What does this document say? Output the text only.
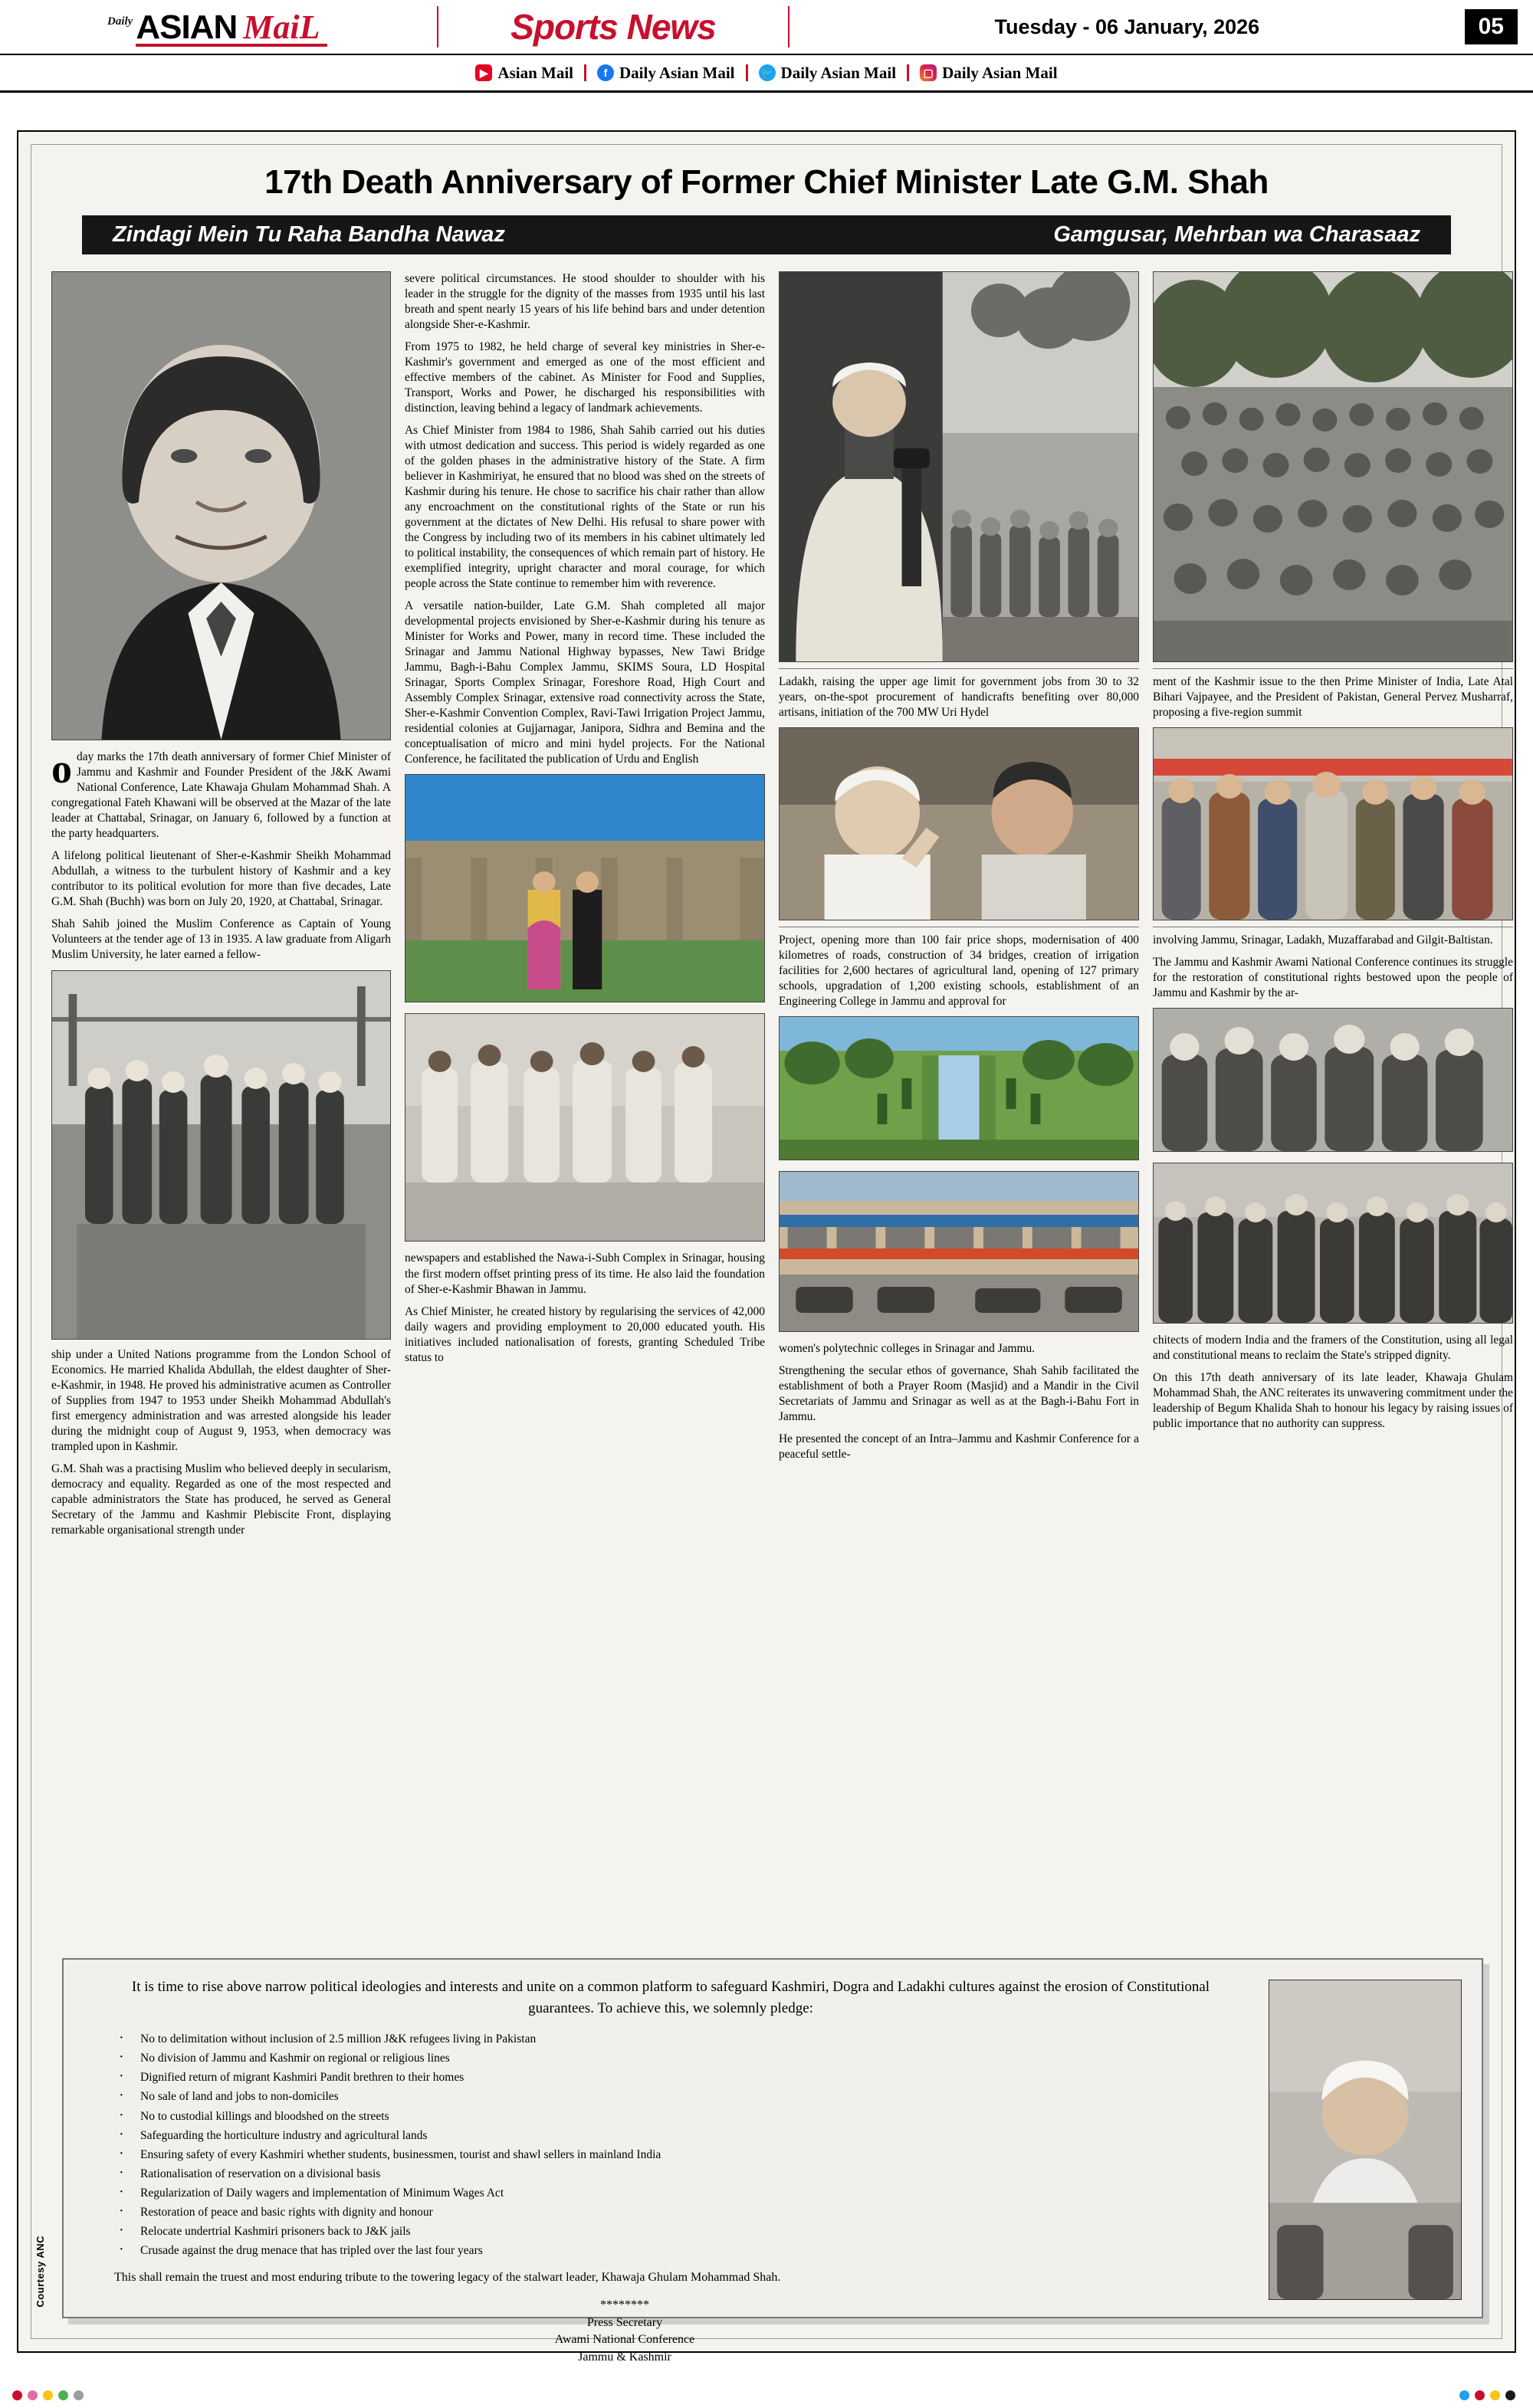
Daily ASIAN MaiL	Sports News	Tuesday - 06 January, 2026	05
▶ Asian Mail	f Daily Asian Mail 🐦 Daily Asian Mail	▢ Daily Asian Mail
17th Death Anniversary of Former Chief Minister Late G.M. Shah
Zindagi Mein Tu Raha Bandha Nawaz	Gamgusar, Mehrban wa Charasaaz

oday marks the 17th death anniversary of former Chief Minister of Jammu and Kashmir and Founder President of the J&K Awami National Conference, Late Khawaja Ghulam Mohammad Shah. A congregational Fateh Khawani will be observed at the Mazar of the late leader at Chattabal, Srinagar, on January 6, followed by a function at the party headquarters.

A lifelong political lieutenant of Sher-e-Kashmir Sheikh Mohammad Abdullah, a witness to the turbulent history of Kashmir and a key contributor to its political evolution for more than five decades, Late G.M. Shah (Buchh) was born on July 20, 1920, at Chattabal, Srinagar.

Shah Sahib joined the Muslim Conference as Captain of Young Volunteers at the tender age of 13 in 1935. A law graduate from Aligarh Muslim University, he later earned a fellow-

ship under a United Nations programme from the London School of Economics. He married Khalida Abdullah, the eldest daughter of Sher-e-Kashmir, in 1948. He proved his administrative acumen as Controller of Supplies from 1947 to 1953 under Sheikh Mohammad Abdullah's first emergency administration and was arrested alongside his leader during the midnight coup of August 9, 1953, when democracy was trampled upon in Kashmir.

G.M. Shah was a practising Muslim who believed deeply in secularism, democracy and equality. Regarded as one of the most respected and capable administrators the State has produced, he served as General Secretary of the Jammu and Kashmir Plebiscite Front, displaying remarkable organisational strength under

severe political circumstances. He stood shoulder to shoulder with his leader in the struggle for the dignity of the masses from 1935 until his last breath and spent nearly 15 years of his life behind bars and under detention alongside Sher-e-Kashmir.

From 1975 to 1982, he held charge of several key ministries in Sher-e-Kashmir's government and emerged as one of the most efficient and effective members of the cabinet. As Minister for Food and Supplies, Transport, Works and Power, he discharged his responsibilities with distinction, leaving behind a legacy of landmark achievements.

As Chief Minister from 1984 to 1986, Shah Sahib carried out his duties with utmost dedication and success. This period is widely regarded as one of the golden phases in the administrative history of the State. A firm believer in Kashmiriyat, he ensured that no blood was shed on the streets of Kashmir during his tenure. He chose to sacrifice his chair rather than allow any encroachment on the constitutional rights of the State or run his government at the dictates of New Delhi. His refusal to share power with the Congress by including two of its members in his cabinet ultimately led to political instability, the consequences of which remain part of history. He exemplified integrity, upright character and moral courage, for which people across the State continue to remember him with reverence.

A versatile nation-builder, Late G.M. Shah completed all major developmental projects envisioned by Sher-e-Kashmir during his tenure as Minister for Works and Power, many in record time. These included the Srinagar and Jammu National Highway bypasses, New Tawi Bridge Jammu, Bagh-i-Bahu Complex Jammu, SKIMS Soura, LD Hospital Srinagar, Sports Complex Srinagar, Foreshore Road, High Court and Assembly Complex Srinagar, extensive road connectivity across the State, Sher-e-Kashmir Convention Complex, Ravi-Tawi Irrigation Project Jammu, residential colonies at Gujjarnagar, Janipora, Sidhra and Bemina and the conceptualisation of micro and mini hydel projects. For the National Conference, he facilitated the publication of Urdu and English

newspapers and established the Nawa-i-Subh Complex in Srinagar, housing the first modern offset printing press of its time. He also laid the foundation of Sher-e-Kashmir Bhawan in Jammu.

As Chief Minister, he created history by regularising the services of 42,000 daily wagers and providing employment to 20,000 educated youth. His initiatives included nationalisation of forests, granting Scheduled Tribe status to

Ladakh, raising the upper age limit for government jobs from 30 to 32 years, on-the-spot procurement of handicrafts benefiting over 80,000 artisans, initiation of the 700 MW Uri Hydel

Project, opening more than 100 fair price shops, modernisation of 400 kilometres of roads, construction of 34 bridges, creation of irrigation facilities for 2,600 hectares of agricultural land, opening of 127 primary schools, upgradation of 1,200 existing schools, establishment of an Engineering College in Jammu and approval for

women's polytechnic colleges in Srinagar and Jammu.

Strengthening the secular ethos of governance, Shah Sahib facilitated the establishment of both a Prayer Room (Masjid) and a Mandir in the Civil Secretariats of Jammu and Srinagar as well as at the Bagh-i-Bahu Fort in Jammu.

He presented the concept of an Intra–Jammu and Kashmir Conference for a peaceful settle-

ment of the Kashmir issue to the then Prime Minister of India, Late Atal Bihari Vajpayee, and the President of Pakistan, General Pervez Musharraf, proposing a five-region summit

involving Jammu, Srinagar, Ladakh, Muzaffarabad and Gilgit-Baltistan.

The Jammu and Kashmir Awami National Conference continues its struggle for the restoration of constitutional rights bestowed upon the people of Jammu and Kashmir by the ar-

chitects of modern India and the framers of the Constitution, using all legal and constitutional means to reclaim the State's stripped dignity.

On this 17th death anniversary of its late leader, Khawaja Ghulam Mohammad Shah, the ANC reiterates its unwavering commitment under the leadership of Begum Khalida Shah to honour his legacy by raising issues of public importance that no authority can suppress.

It is time to rise above narrow political ideologies and interests and unite on a common platform to safeguard Kashmiri, Dogra and Ladakhi cultures against the erosion of Constitutional guarantees. To achieve this, we solemnly pledge:
· No to delimitation without inclusion of 2.5 million J&K refugees living in Pakistan
· No division of Jammu and Kashmir on regional or religious lines
· Dignified return of migrant Kashmiri Pandit brethren to their homes
· No sale of land and jobs to non-domiciles
· No to custodial killings and bloodshed on the streets
· Safeguarding the horticulture industry and agricultural lands
· Ensuring safety of every Kashmiri whether students, businessmen, tourist and shawl sellers in mainland India
· Rationalisation of reservation on a divisional basis
· Regularization of Daily wagers and implementation of Minimum Wages Act
· Restoration of peace and basic rights with dignity and honour
· Relocate undertrial Kashmiri prisoners back to J&K jails
· Crusade against the drug menace that has tripled over the last four years
This shall remain the truest and most enduring tribute to the towering legacy of the stalwart leader, Khawaja Ghulam Mohammad Shah.
********
Press Secretary
Awami National Conference
Jammu & Kashmir
Courtesy ANC
